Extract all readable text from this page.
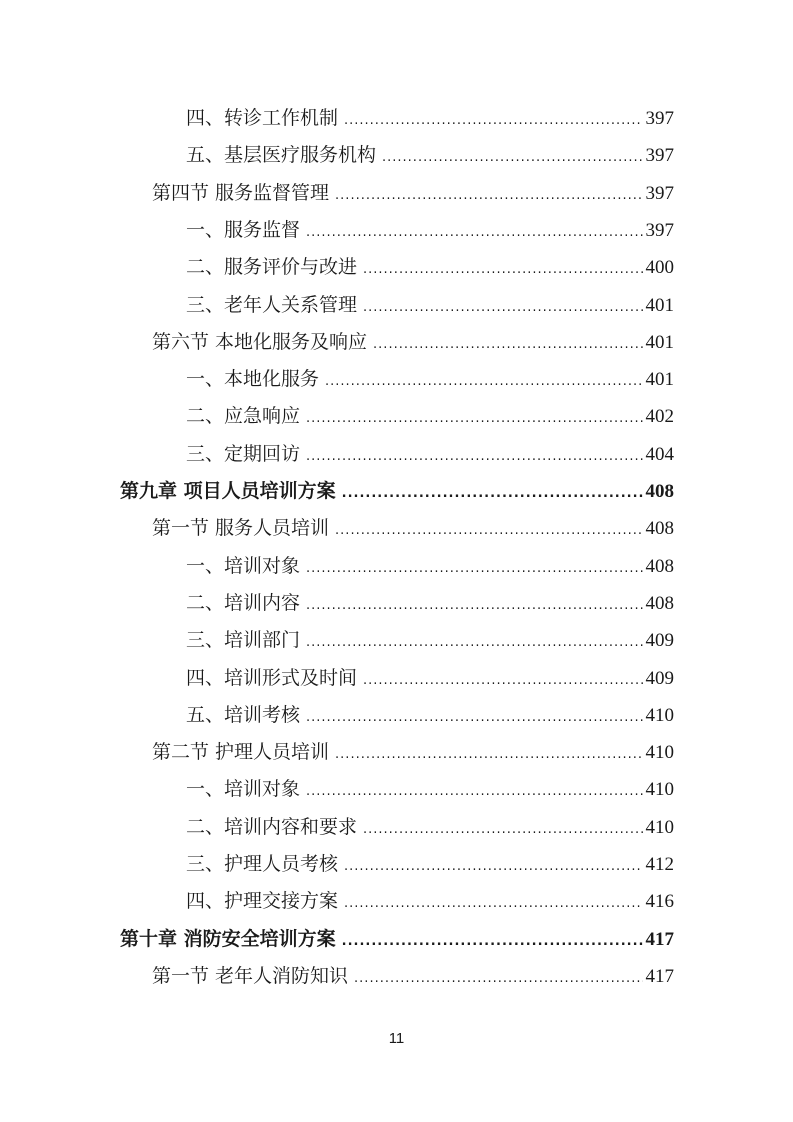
四、转诊工作机制 .....	397
五、基层医疗服务机构 .....	397
第四节 服务监督管理 .....	397
一、服务监督 .....	397
二、服务评价与改进 .....	400
三、老年人关系管理 .....	401
第六节 本地化服务及响应 .....	401
一、本地化服务 .....	401
二、应急响应 .....	402
三、定期回访 .....	404
第九章 项目人员培训方案 .....	408
第一节 服务人员培训 .....	408
一、培训对象 .....	408
二、培训内容 .....	408
三、培训部门 .....	409
四、培训形式及时间 .....	409
五、培训考核 .....	410
第二节 护理人员培训 .....	410
一、培训对象 .....	410
二、培训内容和要求 .....	410
三、护理人员考核 .....	412
四、护理交接方案 .....	416
第十章 消防安全培训方案 .....	417
第一节 老年人消防知识 .....	417
11
